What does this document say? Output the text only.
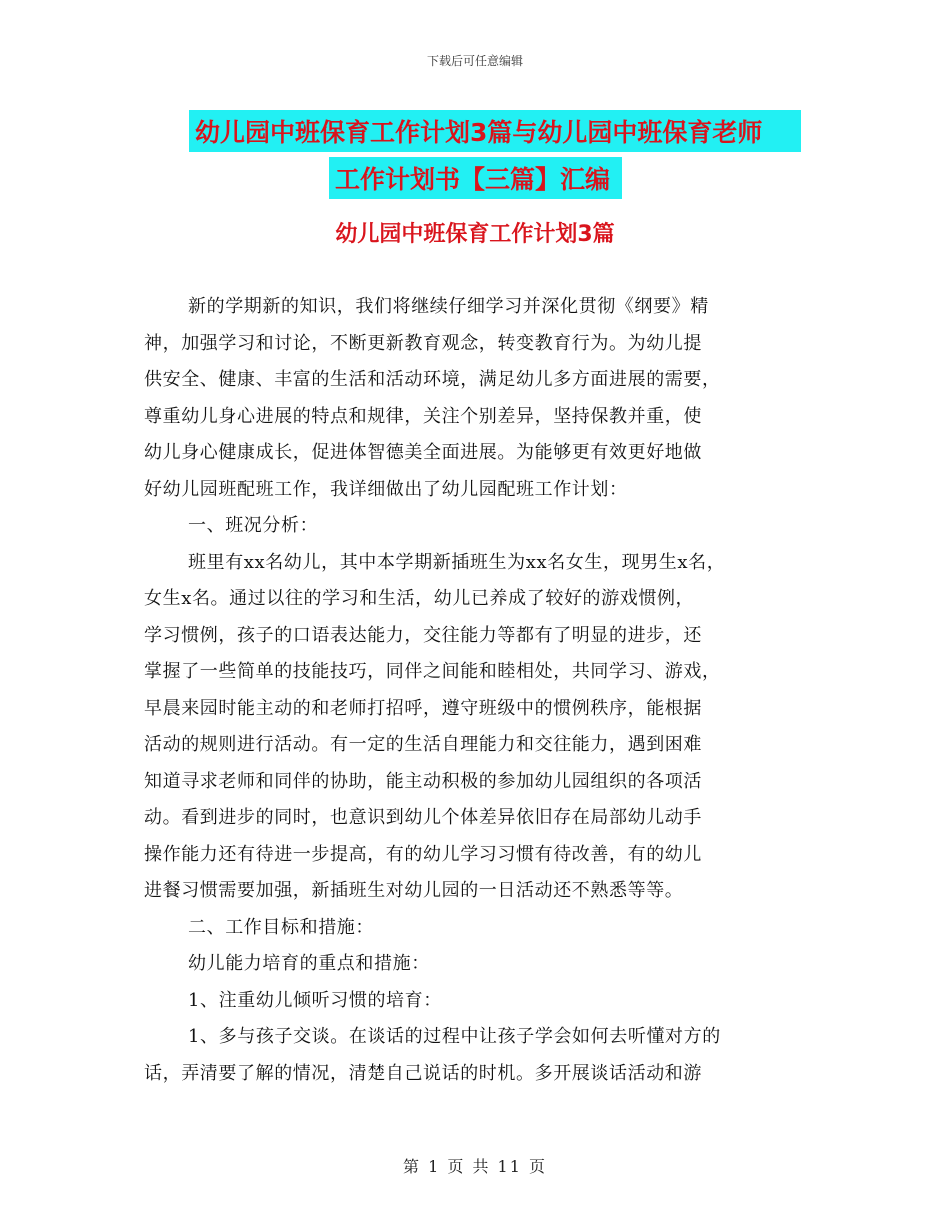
下载后可任意编辑
幼儿园中班保育工作计划3篇与幼儿园中班保育老师
工作计划书【三篇】汇编
幼儿园中班保育工作计划3篇
新的学期新的知识，我们将继续仔细学习并深化贯彻《纲要》精
神，加强学习和讨论，不断更新教育观念，转变教育行为。为幼儿提
供安全、健康、丰富的生活和活动环境，满足幼儿多方面进展的需要，
尊重幼儿身心进展的特点和规律，关注个别差异，坚持保教并重，使
幼儿身心健康成长，促进体智德美全面进展。为能够更有效更好地做
好幼儿园班配班工作，我详细做出了幼儿园配班工作计划：
一、班况分析：
班里有xx名幼儿，其中本学期新插班生为xx名女生，现男生x名，
女生x名。通过以往的学习和生活，幼儿已养成了较好的游戏惯例，
学习惯例，孩子的口语表达能力，交往能力等都有了明显的进步，还
掌握了一些简单的技能技巧，同伴之间能和睦相处，共同学习、游戏，
早晨来园时能主动的和老师打招呼，遵守班级中的惯例秩序，能根据
活动的规则进行活动。有一定的生活自理能力和交往能力，遇到困难
知道寻求老师和同伴的协助，能主动积极的参加幼儿园组织的各项活
动。看到进步的同时，也意识到幼儿个体差异依旧存在局部幼儿动手
操作能力还有待进一步提高，有的幼儿学习习惯有待改善，有的幼儿
进餐习惯需要加强，新插班生对幼儿园的一日活动还不熟悉等等。
二、工作目标和措施：
幼儿能力培育的重点和措施：
1、注重幼儿倾听习惯的培育：
1、多与孩子交谈。在谈话的过程中让孩子学会如何去听懂对方的
话，弄清要了解的情况，清楚自己说话的时机。多开展谈话活动和游
第 1 页 共 11 页
